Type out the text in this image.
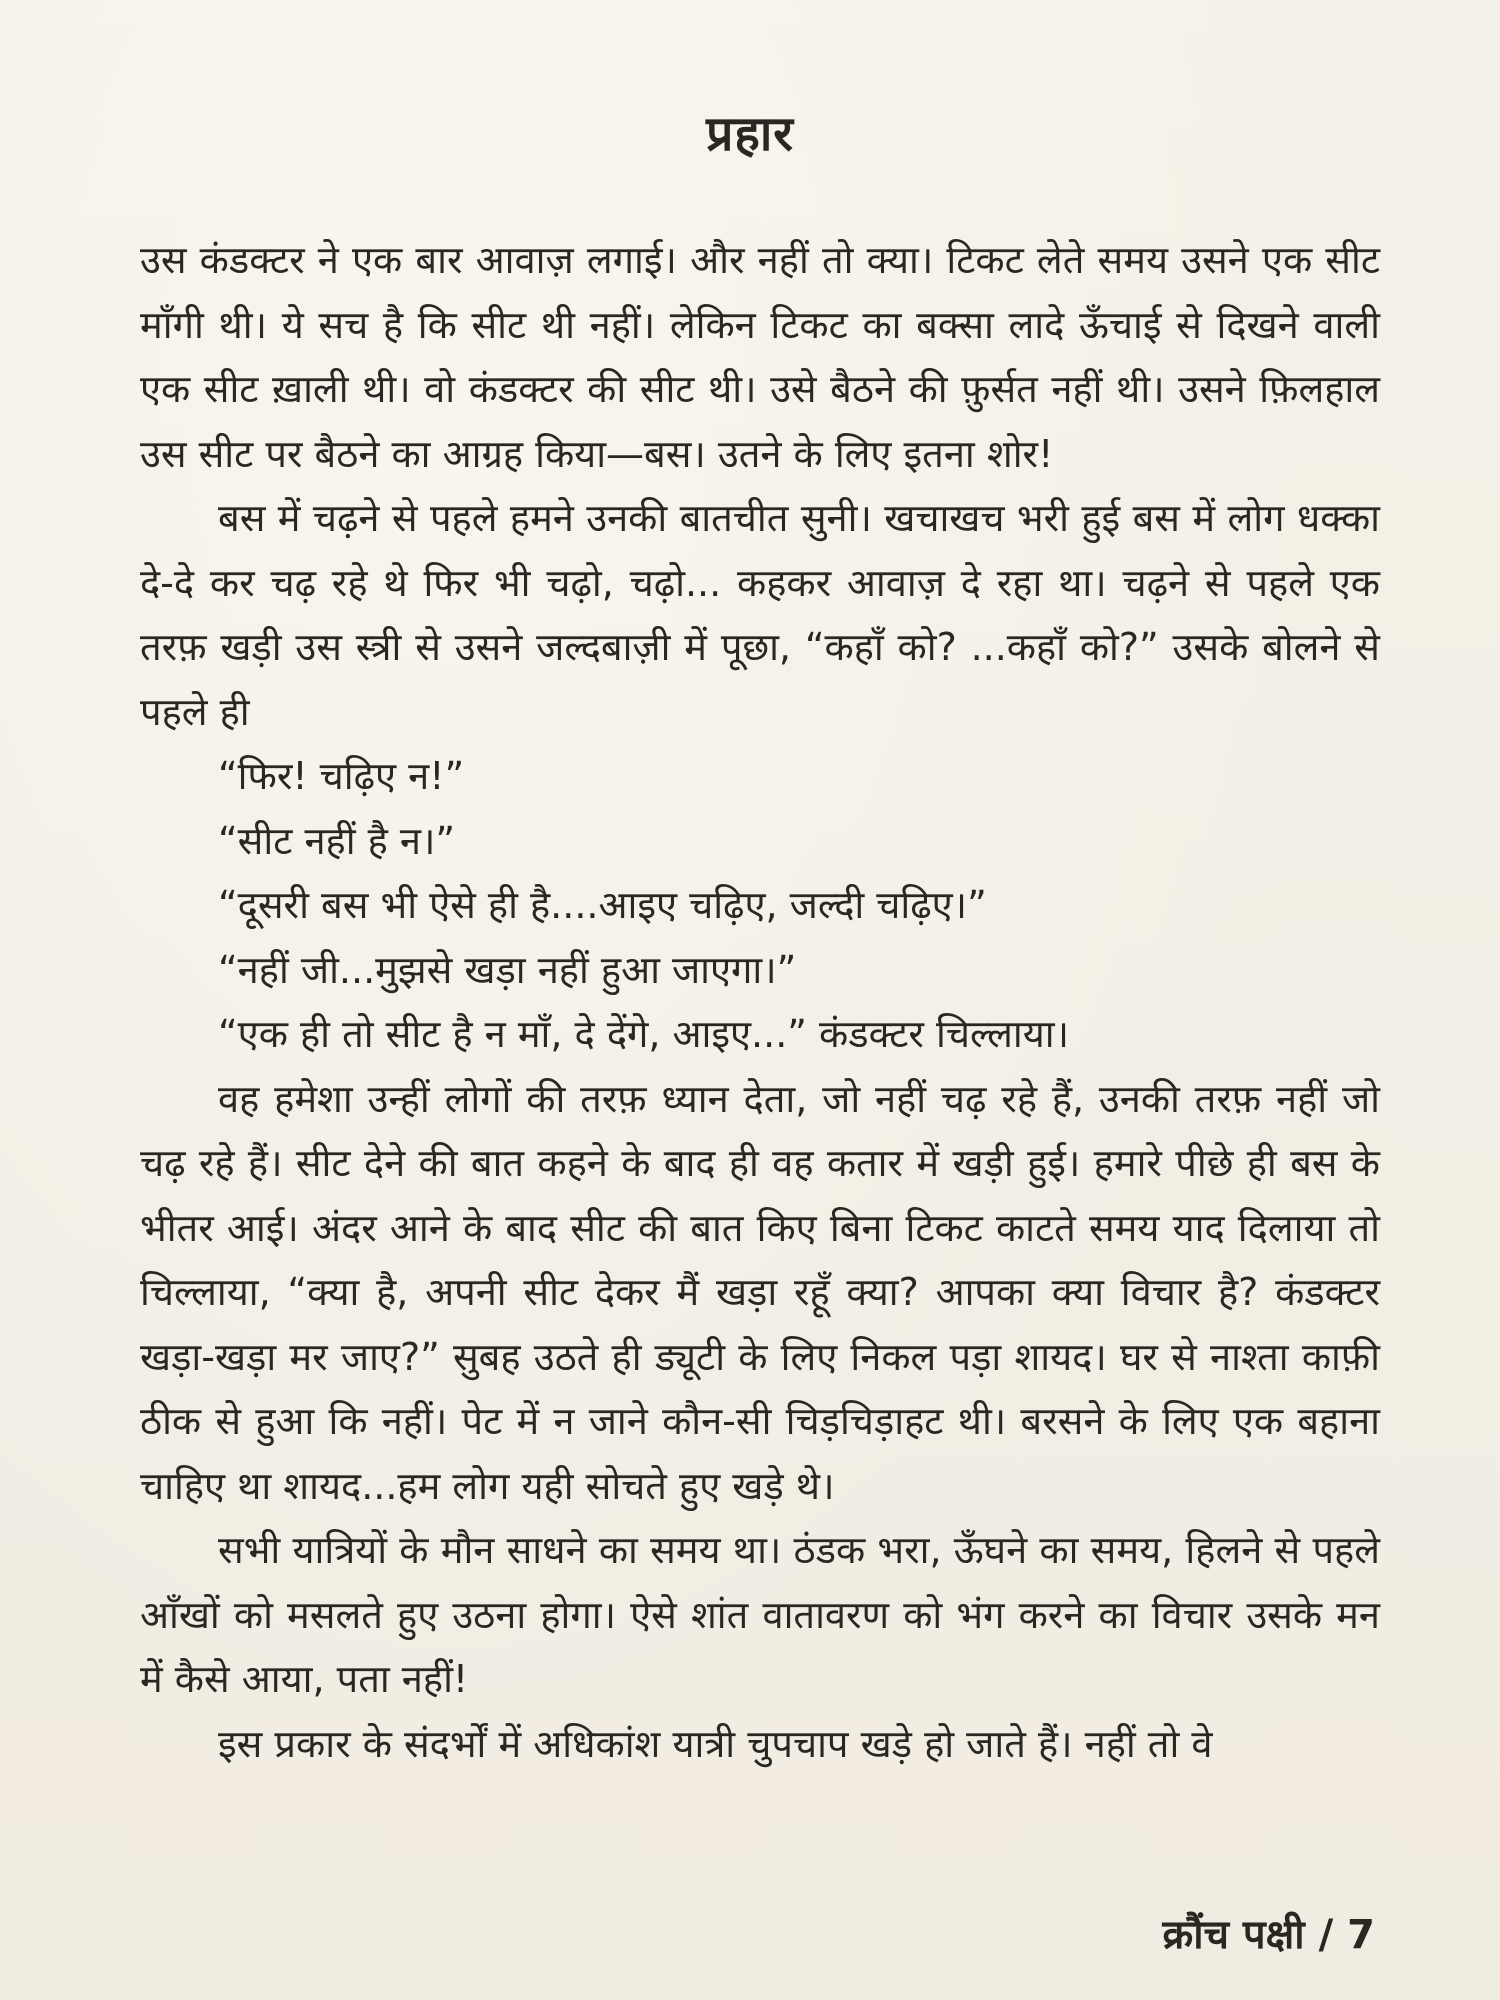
प्रहार

उस कंडक्टर ने एक बार आवाज़ लगाई। और नहीं तो क्या। टिकट लेते समय उसने एक सीट माँगी थी। ये सच है कि सीट थी नहीं। लेकिन टिकट का बक्सा लादे ऊँचाई से दिखने वाली एक सीट ख़ाली थी। वो कंडक्टर की सीट थी। उसे बैठने की फ़ुर्सत नहीं थी। उसने फ़िलहाल उस सीट पर बैठने का आग्रह किया—बस। उतने के लिए इतना शोर!

बस में चढ़ने से पहले हमने उनकी बातचीत सुनी। खचाखच भरी हुई बस में लोग धक्का दे-दे कर चढ़ रहे थे फिर भी चढ़ो, चढ़ो... कहकर आवाज़ दे रहा था। चढ़ने से पहले एक तरफ़ खड़ी उस स्त्री से उसने जल्दबाज़ी में पूछा, “कहाँ को? ...कहाँ को?” उसके बोलने से पहले ही

“फिर! चढ़िए न!”

“सीट नहीं है न।”

“दूसरी बस भी ऐसे ही है....आइए चढ़िए, जल्दी चढ़िए।”

“नहीं जी...मुझसे खड़ा नहीं हुआ जाएगा।”

“एक ही तो सीट है न माँ, दे देंगे, आइए...” कंडक्टर चिल्लाया।

वह हमेशा उन्हीं लोगों की तरफ़ ध्यान देता, जो नहीं चढ़ रहे हैं, उनकी तरफ़ नहीं जो चढ़ रहे हैं। सीट देने की बात कहने के बाद ही वह कतार में खड़ी हुई। हमारे पीछे ही बस के भीतर आई। अंदर आने के बाद सीट की बात किए बिना टिकट काटते समय याद दिलाया तो चिल्लाया, “क्या है, अपनी सीट देकर मैं खड़ा रहूँ क्या? आपका क्या विचार है? कंडक्टर खड़ा-खड़ा मर जाए?” सुबह उठते ही ड्यूटी के लिए निकल पड़ा शायद। घर से नाश्ता काफ़ी ठीक से हुआ कि नहीं। पेट में न जाने कौन-सी चिड़चिड़ाहट थी। बरसने के लिए एक बहाना चाहिए था शायद...हम लोग यही सोचते हुए खड़े थे।

सभी यात्रियों के मौन साधने का समय था। ठंडक भरा, ऊँघने का समय, हिलने से पहले आँखों को मसलते हुए उठना होगा। ऐसे शांत वातावरण को भंग करने का विचार उसके मन में कैसे आया, पता नहीं!

इस प्रकार के संदर्भों में अधिकांश यात्री चुपचाप खड़े हो जाते हैं। नहीं तो वे

क्रौंच पक्षी / 7
